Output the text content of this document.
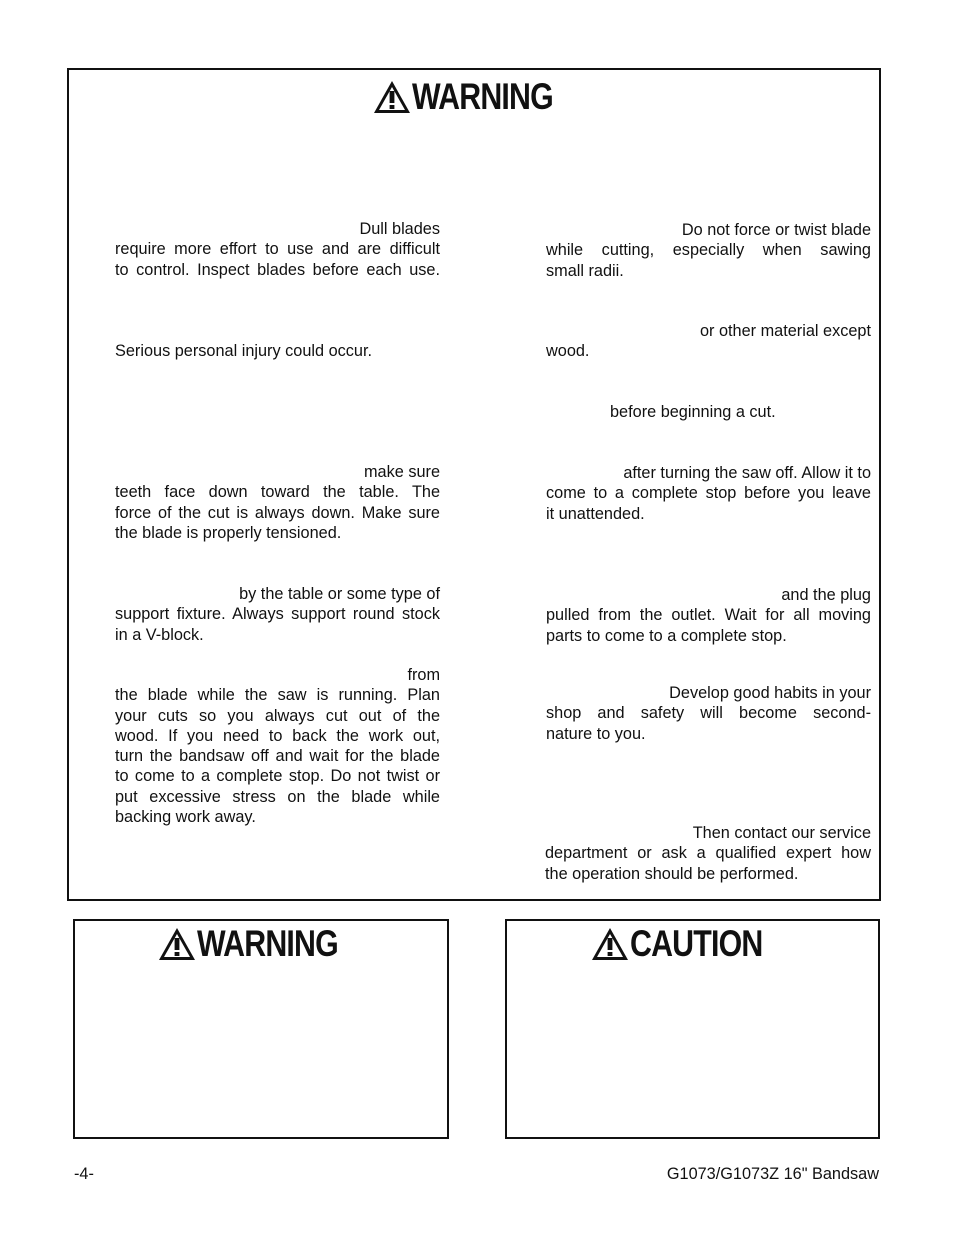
WARNING
Dull blades
require more effort to use and are difficult
to control. Inspect blades before each use.
Serious personal injury could occur.
make sure
teeth face down toward the table. The
force of the cut is always down. Make sure
the blade is properly tensioned.
by the table or some type of
support fixture. Always support round stock
in a V-block.
from
the blade while the saw is running. Plan
your cuts so you always cut out of the
wood. If you need to back the work out,
turn the bandsaw off and wait for the blade
to come to a complete stop. Do not twist or
put excessive stress on the blade while
backing work away.
Do not force or twist blade
while cutting, especially when sawing
small radii.
or other material except
wood.
before beginning a cut.
after turning the saw off. Allow it to
come to a complete stop before you leave
it unattended.
and the plug
pulled from the outlet. Wait for all moving
parts to come to a complete stop.
Develop good habits in your
shop and safety will become second-
nature to you.
Then contact our service
department or ask a qualified expert how
the operation should be performed.
WARNING	CAUTION
-4-	G1073/G1073Z 16" Bandsaw
